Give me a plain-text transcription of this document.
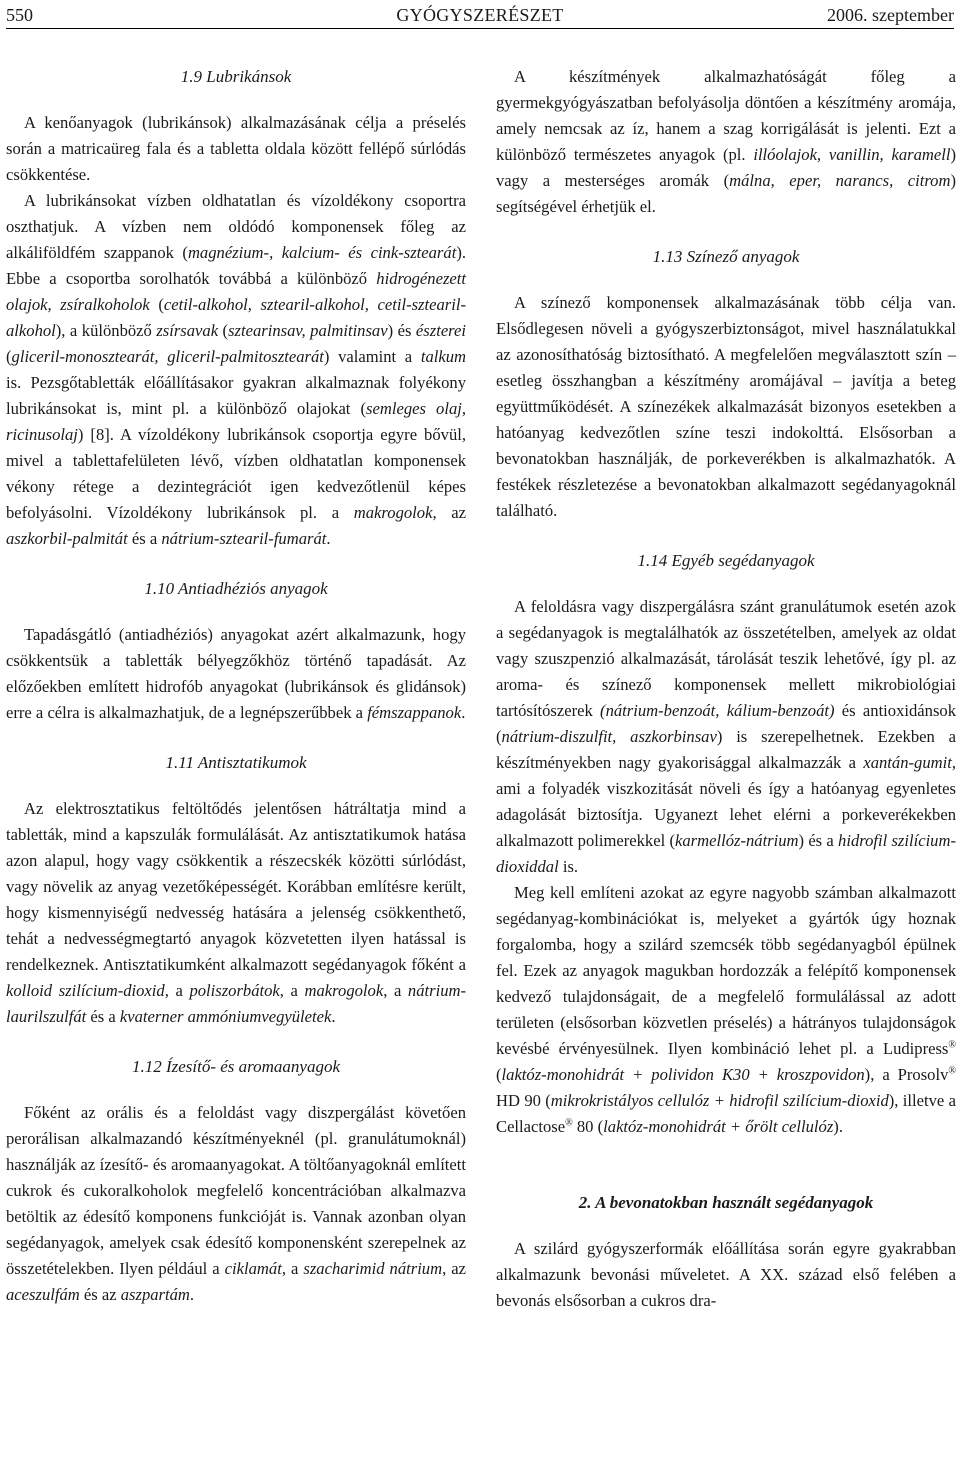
550	GYÓGYSZERÉSZET	2006. szeptember
1.9 Lubrikánsok

A kenőanyagok (lubrikánsok) alkalmazásának célja a préselés során a matricaüreg fala és a tabletta oldala között fellépő súrlódás csökkentése.

A lubrikánsokat vízben oldhatatlan és vízoldékony csoportra oszthatjuk. A vízben nem oldódó komponensek főleg az alkáliföldfém szappanok (magnézium-, kalcium- és cink-sztearát). Ebbe a csoportba sorolhatók továbbá a különböző hidrogénezett olajok, zsíralkoholok (cetil-alkohol, sztearil-alkohol, cetil-sztearil-alkohol), a különböző zsírsavak (sztearinsav, palmitinsav) és észterei (gliceril-monosztearát, gliceril-palmitosztearát) valamint a talkum is. Pezsgőtabletták előállításakor gyakran alkalmaznak folyékony lubrikánsokat is, mint pl. a különböző olajokat (semleges olaj, ricinusolaj) [8]. A vízoldékony lubrikánsok csoportja egyre bővül, mivel a tablettafelületen lévő, vízben oldhatatlan komponensek vékony rétege a dezintegrációt igen kedvezőtlenül képes befolyásolni. Vízoldékony lubrikánsok pl. a makrogolok, az aszkorbil-palmitát és a nátrium-sztearil-fumarát.

1.10 Antiadhéziós anyagok

Tapadásgátló (antiadhéziós) anyagokat azért alkalmazunk, hogy csökkentsük a tabletták bélyegzőkhöz történő tapadását. Az előzőekben említett hidrofób anyagokat (lubrikánsok és glidánsok) erre a célra is alkalmazhatjuk, de a legnépszerűbbek a fémszappanok.

1.11 Antisztatikumok

Az elektrosztatikus feltöltődés jelentősen hátráltatja mind a tabletták, mind a kapszulák formulálását. Az antisztatikumok hatása azon alapul, hogy vagy csökkentik a részecskék közötti súrlódást, vagy növelik az anyag vezetőképességét. Korábban említésre került, hogy kismennyiségű nedvesség hatására a jelenség csökkenthető, tehát a nedvességmegtartó anyagok közvetetten ilyen hatással is rendelkeznek. Antisztatikumként alkalmazott segédanyagok főként a kolloid szilícium-dioxid, a poliszorbátok, a makrogolok, a nátrium-laurilszulfát és a kvaterner ammóniumvegyületek.

1.12 Ízesítő- és aromaanyagok

Főként az orális és a feloldást vagy diszpergálást követően perorálisan alkalmazandó készítményeknél (pl. granulátumoknál) használják az ízesítő- és aromaanyagokat. A töltőanyagoknál említett cukrok és cukoralkoholok megfelelő koncentrációban alkalmazva betöltik az édesítő komponens funkcióját is. Vannak azonban olyan segédanyagok, amelyek csak édesítő komponensként szerepelnek az összetételekben. Ilyen például a ciklamát, a szacharimid nátrium, az aceszulfám és az aszpartám.

A készítmények alkalmazhatóságát főleg a gyermekgyógyászatban befolyásolja döntően a készítmény aromája, amely nemcsak az íz, hanem a szag korrigálását is jelenti. Ezt a különböző természetes anyagok (pl. illóolajok, vanillin, karamell) vagy a mesterséges aromák (málna, eper, narancs, citrom) segítségével érhetjük el.

1.13 Színező anyagok

A színező komponensek alkalmazásának több célja van. Elsődlegesen növeli a gyógyszerbiztonságot, mivel használatukkal az azonosíthatóság biztosítható. A megfelelően megválasztott szín – esetleg összhangban a készítmény aromájával – javítja a beteg együttműködését. A színezékek alkalmazását bizonyos esetekben a hatóanyag kedvezőtlen színe teszi indokolttá. Elsősorban a bevonatokban használják, de porkeverékben is alkalmazhatók. A festékek részletezése a bevonatokban alkalmazott segédanyagoknál található.

1.14 Egyéb segédanyagok

A feloldásra vagy diszpergálásra szánt granulátumok esetén azok a segédanyagok is megtalálhatók az összetételben, amelyek az oldat vagy szuszpenzió alkalmazását, tárolását teszik lehetővé, így pl. az aroma- és színező komponensek mellett mikrobiológiai tartósítószerek (nátrium-benzoát, kálium-benzoát) és antioxidánsok (nátrium-diszulfit, aszkorbinsav) is szerepelhetnek. Ezekben a készítményekben nagy gyakorisággal alkalmazzák a xantán-gumit, ami a folyadék viszkozitását növeli és így a hatóanyag egyenletes adagolását biztosítja. Ugyanezt lehet elérni a porkeverékekben alkalmazott polimerekkel (karmellóz-nátrium) és a hidrofil szilícium-dioxiddal is.

Meg kell említeni azokat az egyre nagyobb számban alkalmazott segédanyag-kombinációkat is, melyeket a gyártók úgy hoznak forgalomba, hogy a szilárd szemcsék több segédanyagból épülnek fel. Ezek az anyagok magukban hordozzák a felépítő komponensek kedvező tulajdonságait, de a megfelelő formulálással az adott területen (elsősorban közvetlen préselés) a hátrányos tulajdonságok kevésbé érvényesülnek. Ilyen kombináció lehet pl. a Ludipress® (laktóz-monohidrát + polividon K30 + kroszpovidon), a Prosolv® HD 90 (mikrokristályos cellulóz + hidrofil szilícium-dioxid), illetve a Cellactose® 80 (laktóz-monohidrát + őrölt cellulóz).

2. A bevonatokban használt segédanyagok

A szilárd gyógyszerformák előállítása során egyre gyakrabban alkalmazunk bevonási műveletet. A XX. század első felében a bevonás elsősorban a cukros dra-
